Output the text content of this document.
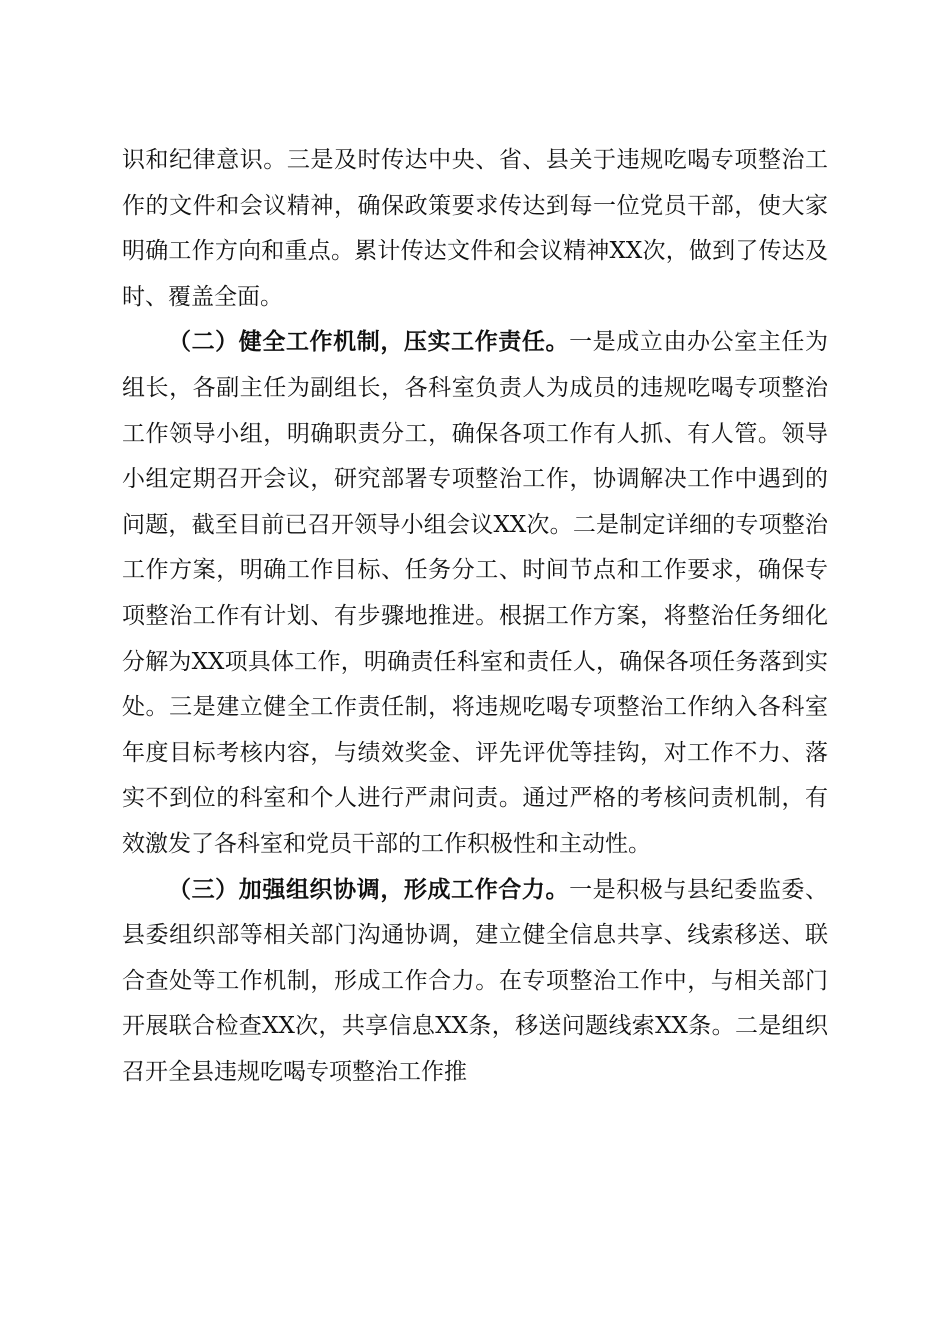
识和纪律意识。三是及时传达中央、省、县关于违规吃喝专项整治工作的文件和会议精神，确保政策要求传达到每一位党员干部，使大家明确工作方向和重点。累计传达文件和会议精神XX次，做到了传达及时、覆盖全面。

（二）健全工作机制，压实工作责任。一是成立由办公室主任为组长，各副主任为副组长，各科室负责人为成员的违规吃喝专项整治工作领导小组，明确职责分工，确保各项工作有人抓、有人管。领导小组定期召开会议，研究部署专项整治工作，协调解决工作中遇到的问题，截至目前已召开领导小组会议XX次。二是制定详细的专项整治工作方案，明确工作目标、任务分工、时间节点和工作要求，确保专项整治工作有计划、有步骤地推进。根据工作方案，将整治任务细化分解为XX项具体工作，明确责任科室和责任人，确保各项任务落到实处。三是建立健全工作责任制，将违规吃喝专项整治工作纳入各科室年度目标考核内容，与绩效奖金、评先评优等挂钩，对工作不力、落实不到位的科室和个人进行严肃问责。通过严格的考核问责机制，有效激发了各科室和党员干部的工作积极性和主动性。

（三）加强组织协调，形成工作合力。一是积极与县纪委监委、县委组织部等相关部门沟通协调，建立健全信息共享、线索移送、联合查处等工作机制，形成工作合力。在专项整治工作中，与相关部门开展联合检查XX次，共享信息XX条，移送问题线索XX条。二是组织召开全县违规吃喝专项整治工作推
